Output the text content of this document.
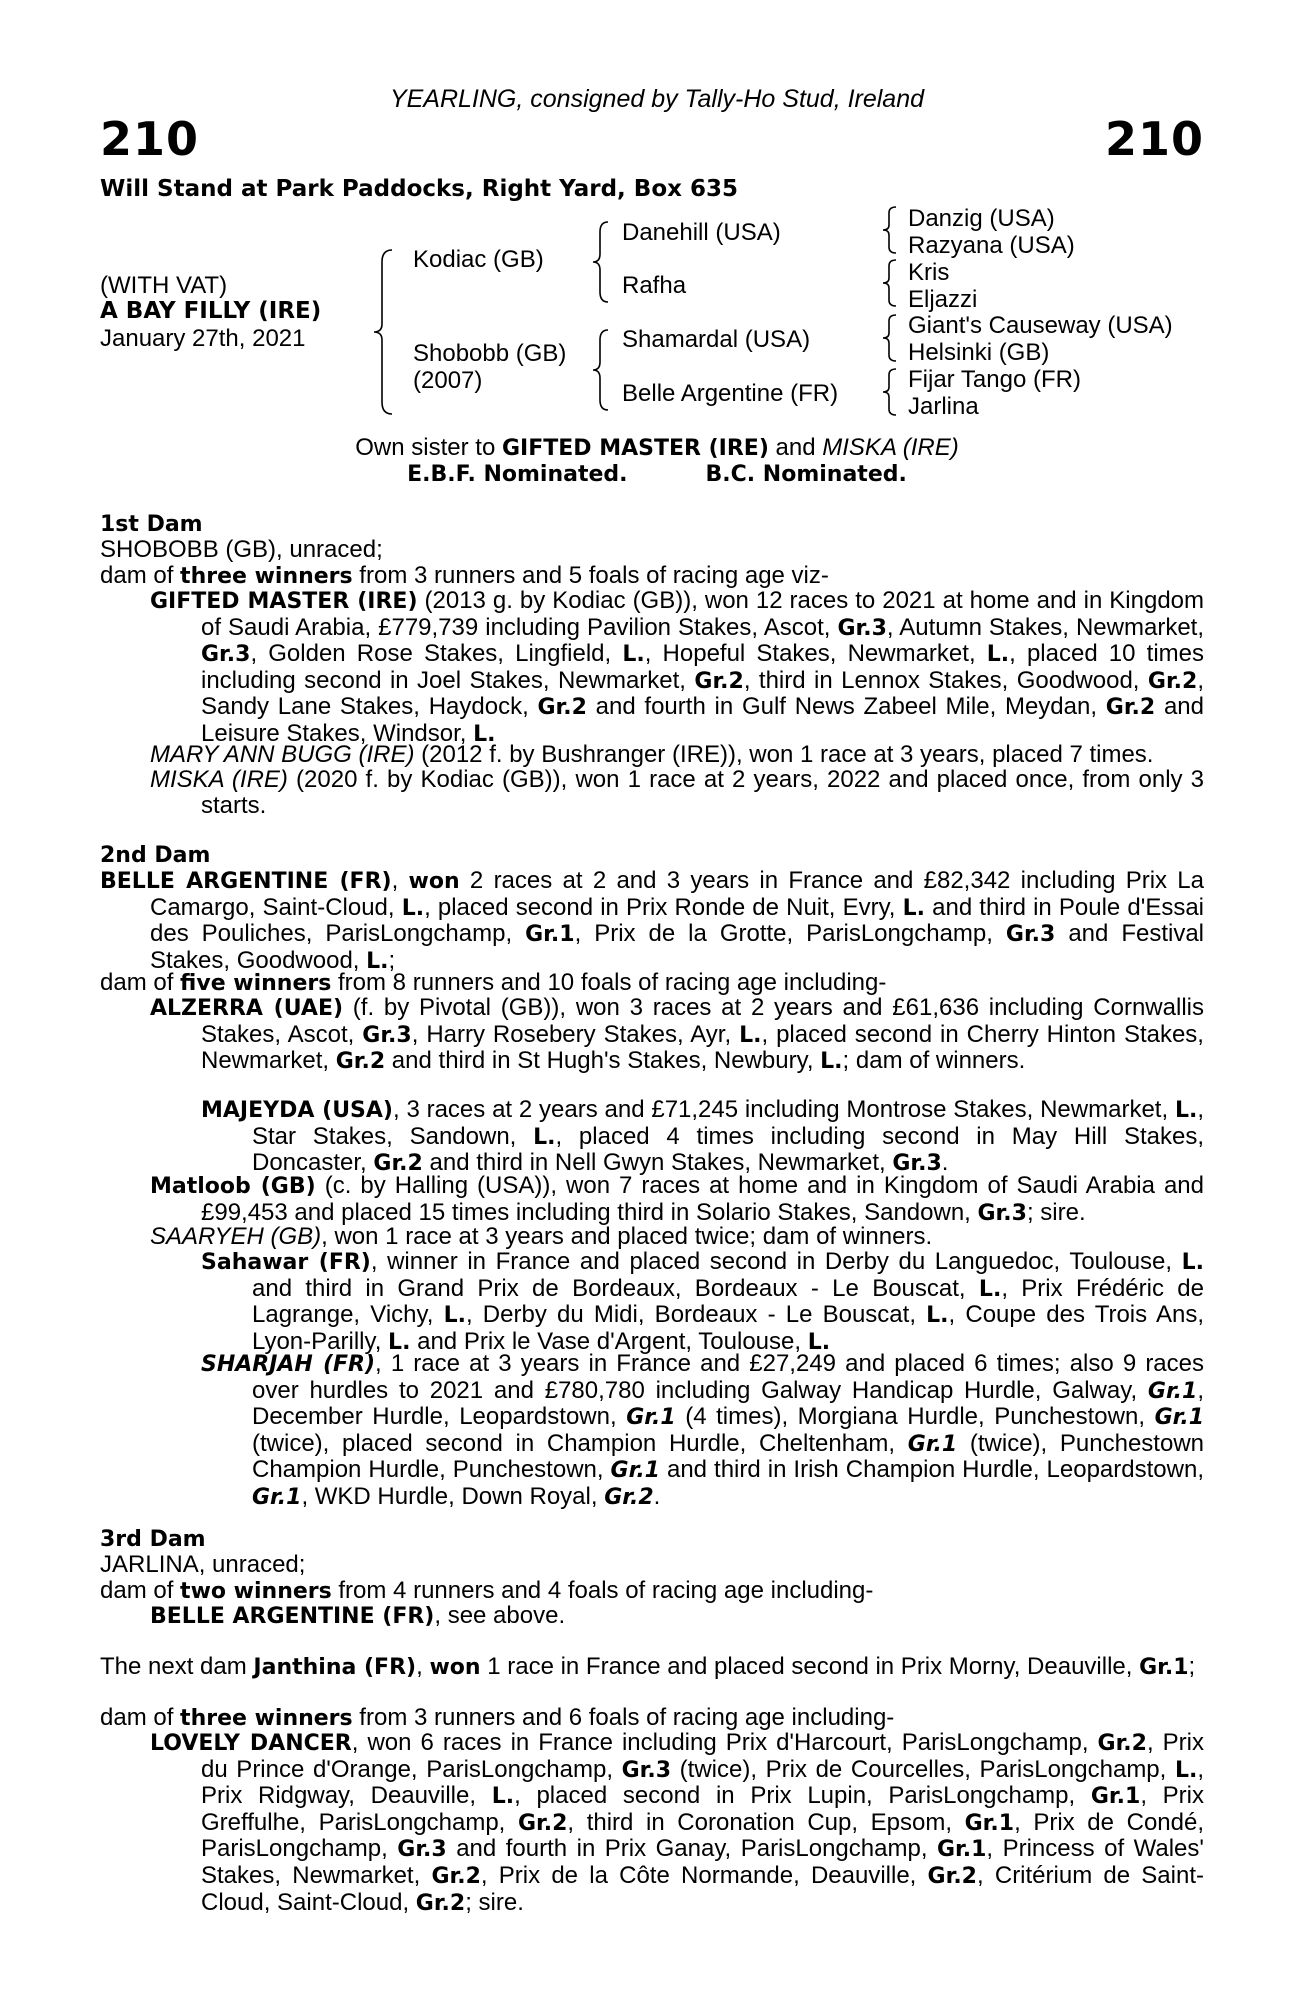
YEARLING, consigned by Tally-Ho Stud, Ireland
210	210
Will Stand at Park Paddocks, Right Yard, Box 635
(WITH VAT)
A BAY FILLY (IRE)
January 27th, 2021
Kodiac (GB)
Shobobb (GB)
(2007)
Danehill (USA)
Rafha
Shamardal (USA)
Belle Argentine (FR)
Danzig (USA)
Razyana (USA)
Kris
Eljazzi
Giant's Causeway (USA)
Helsinki (GB)
Fijar Tango (FR)
Jarlina
Own sister to GIFTED MASTER (IRE) and MISKA (IRE)
E.B.F. Nominated.	B.C. Nominated.
1st Dam
SHOBOBB (GB), unraced;
dam of three winners from 3 runners and 5 foals of racing age viz-
GIFTED MASTER (IRE) (2013 g. by Kodiac (GB)), won 12 races to 2021 at home and in Kingdom of Saudi Arabia, £779,739 including Pavilion Stakes, Ascot, Gr.3, Autumn Stakes, Newmarket, Gr.3, Golden Rose Stakes, Lingfield, L., Hopeful Stakes, Newmarket, L., placed 10 times including second in Joel Stakes, Newmarket, Gr.2, third in Lennox Stakes, Goodwood, Gr.2, Sandy Lane Stakes, Haydock, Gr.2 and fourth in Gulf News Zabeel Mile, Meydan, Gr.2 and Leisure Stakes, Windsor, L.
MARY ANN BUGG (IRE) (2012 f. by Bushranger (IRE)), won 1 race at 3 years, placed 7 times.
MISKA (IRE) (2020 f. by Kodiac (GB)), won 1 race at 2 years, 2022 and placed once, from only 3 starts.
2nd Dam
BELLE ARGENTINE (FR), won 2 races at 2 and 3 years in France and £82,342 including Prix La Camargo, Saint-Cloud, L., placed second in Prix Ronde de Nuit, Evry, L. and third in Poule d'Essai des Pouliches, ParisLongchamp, Gr.1, Prix de la Grotte, ParisLongchamp, Gr.3 and Festival Stakes, Goodwood, L.;
dam of five winners from 8 runners and 10 foals of racing age including-
ALZERRA (UAE) (f. by Pivotal (GB)), won 3 races at 2 years and £61,636 including Cornwallis Stakes, Ascot, Gr.3, Harry Rosebery Stakes, Ayr, L., placed second in Cherry Hinton Stakes, Newmarket, Gr.2 and third in St Hugh's Stakes, Newbury, L.; dam of winners.
MAJEYDA (USA), 3 races at 2 years and £71,245 including Montrose Stakes, Newmarket, L., Star Stakes, Sandown, L., placed 4 times including second in May Hill Stakes, Doncaster, Gr.2 and third in Nell Gwyn Stakes, Newmarket, Gr.3.
Matloob (GB) (c. by Halling (USA)), won 7 races at home and in Kingdom of Saudi Arabia and £99,453 and placed 15 times including third in Solario Stakes, Sandown, Gr.3; sire.
SAARYEH (GB), won 1 race at 3 years and placed twice; dam of winners.
Sahawar (FR), winner in France and placed second in Derby du Languedoc, Toulouse, L. and third in Grand Prix de Bordeaux, Bordeaux - Le Bouscat, L., Prix Frédéric de Lagrange, Vichy, L., Derby du Midi, Bordeaux - Le Bouscat, L., Coupe des Trois Ans, Lyon-Parilly, L. and Prix le Vase d'Argent, Toulouse, L.
SHARJAH (FR), 1 race at 3 years in France and £27,249 and placed 6 times; also 9 races over hurdles to 2021 and £780,780 including Galway Handicap Hurdle, Galway, Gr.1, December Hurdle, Leopardstown, Gr.1 (4 times), Morgiana Hurdle, Punchestown, Gr.1 (twice), placed second in Champion Hurdle, Cheltenham, Gr.1 (twice), Punchestown Champion Hurdle, Punchestown, Gr.1 and third in Irish Champion Hurdle, Leopardstown, Gr.1, WKD Hurdle, Down Royal, Gr.2.
3rd Dam
JARLINA, unraced;
dam of two winners from 4 runners and 4 foals of racing age including-
BELLE ARGENTINE (FR), see above.
The next dam Janthina (FR), won 1 race in France and placed second in Prix Morny, Deauville, Gr.1;
dam of three winners from 3 runners and 6 foals of racing age including-
LOVELY DANCER, won 6 races in France including Prix d'Harcourt, ParisLongchamp, Gr.2, Prix du Prince d'Orange, ParisLongchamp, Gr.3 (twice), Prix de Courcelles, ParisLongchamp, L., Prix Ridgway, Deauville, L., placed second in Prix Lupin, ParisLongchamp, Gr.1, Prix Greffulhe, ParisLongchamp, Gr.2, third in Coronation Cup, Epsom, Gr.1, Prix de Condé, ParisLongchamp, Gr.3 and fourth in Prix Ganay, ParisLongchamp, Gr.1, Princess of Wales' Stakes, Newmarket, Gr.2, Prix de la Côte Normande, Deauville, Gr.2, Critérium de Saint-Cloud, Saint-Cloud, Gr.2; sire.
